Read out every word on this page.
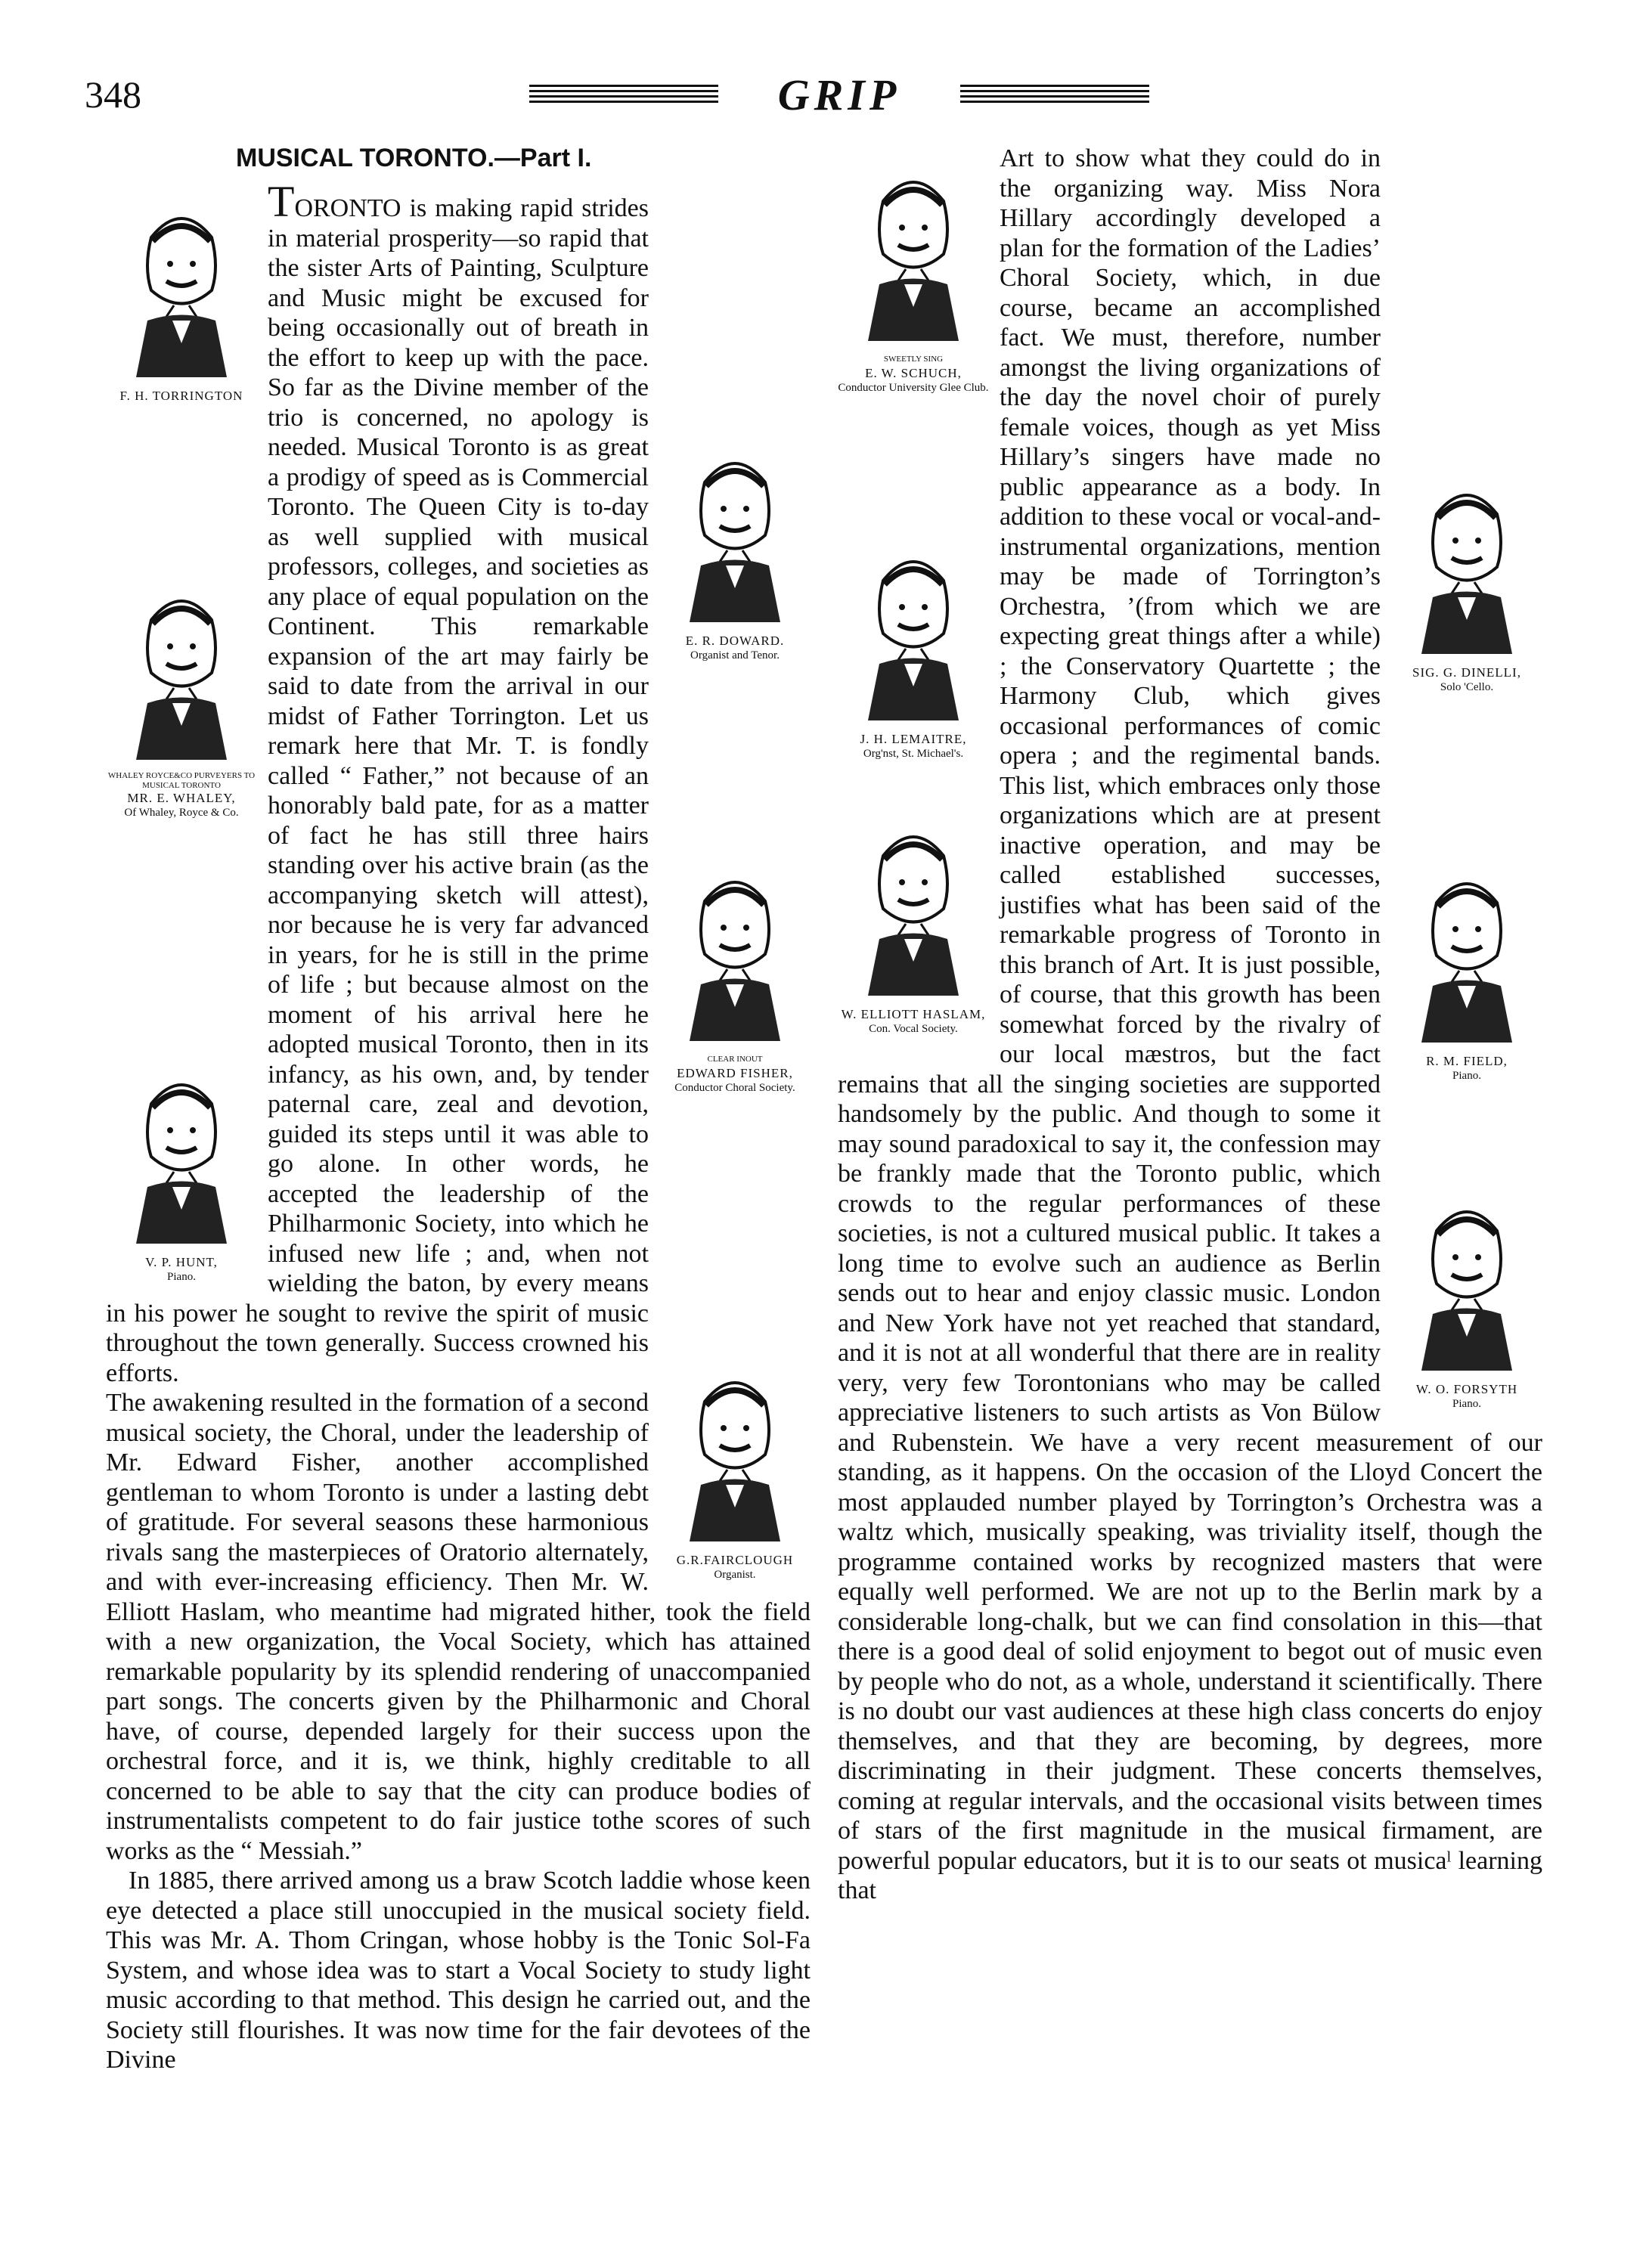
348	GRIP

MUSICAL TORONTO.—Part I.

F. H. TORRINGTON
E. R. DOWARD.
Organist and Tenor.
WHALEY ROYCE&CO PURVEYERS TO MUSICAL TORONTO
MR. E. WHALEY,
Of Whaley, Royce & Co.
CLEAR INOUT
EDWARD FISHER,
Conductor Choral Society.
V. P. HUNT,
Piano.
G.R.FAIRCLOUGH
Organist.

TORONTO is making rapid strides in material prosperity—so rapid that the sister Arts of Painting, Sculpture and Music might be excused for being occasionally out of breath in the effort to keep up with the pace. So far as the Divine member of the trio is concerned, no apology is needed. Musical Toronto is as great a prodigy of speed as is Commercial Toronto. The Queen City is to-day as well supplied with musical professors, colleges, and societies as any place of equal population on the Continent. This remarkable expansion of the art may fairly be said to date from the arrival in our midst of Father Torrington. Let us remark here that Mr. T. is fondly called “ Father,” not because of an honorably bald pate, for as a matter of fact he has still three hairs standing over his active brain (as the accompanying sketch will attest), nor because he is very far advanced in years, for he is still in the prime of life ; but because almost on the moment of his arrival here he adopted musical Toronto, then in its infancy, as his own, and, by tender paternal care, zeal and devotion, guided its steps until it was able to go alone. In other words, he accepted the leadership of the Philharmonic Society, into which he infused new life ; and, when not wielding the baton, by every means in his power he sought to revive the spirit of music throughout the town generally. Success crowned his efforts.

The awakening resulted in the formation of a second musical society, the Choral, under the leadership of Mr. Edward Fisher, another accomplished gentleman to whom Toronto is under a lasting debt of gratitude. For several seasons these harmonious rivals sang the masterpieces of Oratorio alternately, and with ever-increasing efficiency. Then Mr. W. Elliott Haslam, who meantime had migrated hither, took the field with a new organization, the Vocal Society, which has attained remarkable popularity by its splendid rendering of unaccompanied part songs. The concerts given by the Philharmonic and Choral have, of course, depended largely for their success upon the orchestral force, and it is, we think, highly creditable to all concerned to be able to say that the city can produce bodies of instrumentalists competent to do fair justice tothe scores of such works as the “ Messiah.”

In 1885, there arrived among us a braw Scotch laddie whose keen eye detected a place still unoccupied in the musical society field. This was Mr. A. Thom Cringan, whose hobby is the Tonic Sol-Fa System, and whose idea was to start a Vocal Society to study light music according to that method. This design he carried out, and the Society still flourishes. It was now time for the fair devotees of the Divine

SWEETLY SING
E. W. SCHUCH,
Conductor University Glee Club.
SIG. G. DINELLI,
Solo 'Cello.
J. H. LEMAITRE,
Org'nst, St. Michael's.
R. M. FIELD,
Piano.
W. ELLIOTT HASLAM,
Con. Vocal Society.
W. O. FORSYTH
Piano.

Art to show what they could do in the organizing way. Miss Nora Hillary accordingly developed a plan for the formation of the Ladies’ Choral Society, which, in due course, became an accomplished fact. We must, therefore, number amongst the living organizations of the day the novel choir of purely female voices, though as yet Miss Hillary’s singers have made no public appearance as a body. In addition to these vocal or vocal-and-instrumental organizations, mention may be made of Torrington’s Orchestra, ’(from which we are expecting great things after a while) ; the Conservatory Quartette ; the Harmony Club, which gives occasional performances of comic opera ; and the regimental bands. This list, which embraces only those organizations which are at present inactive operation, and may be called established successes, justifies what has been said of the remarkable progress of Toronto in this branch of Art. It is just possible, of course, that this growth has been somewhat forced by the rivalry of our local mæstros, but the fact remains that all the singing societies are supported handsomely by the public. And though to some it may sound paradoxical to say it, the confession may be frankly made that the Toronto public, which crowds to the regular performances of these societies, is not a cultured musical public. It takes a long time to evolve such an audience as Berlin sends out to hear and enjoy classic music. London and New York have not yet reached that standard, and it is not at all wonderful that there are in reality very, very few Torontonians who may be called appreciative listeners to such artists as Von Bülow and Rubenstein. We have a very recent measurement of our standing, as it happens. On the occasion of the Lloyd Concert the most applauded number played by Torrington’s Orchestra was a waltz which, musically speaking, was triviality itself, though the programme contained works by recognized masters that were equally well performed. We are not up to the Berlin mark by a considerable long-chalk, but we can find consolation in this—that there is a good deal of solid enjoyment to begot out of music even by people who do not, as a whole, understand it scientifically. There is no doubt our vast audiences at these high class concerts do enjoy themselves, and that they are becoming, by degrees, more discriminating in their judgment. These concerts themselves, coming at regular intervals, and the occasional visits between times of stars of the first magnitude in the musical firmament, are powerful popular educators, but it is to our seats ot musicaˡ learning that
